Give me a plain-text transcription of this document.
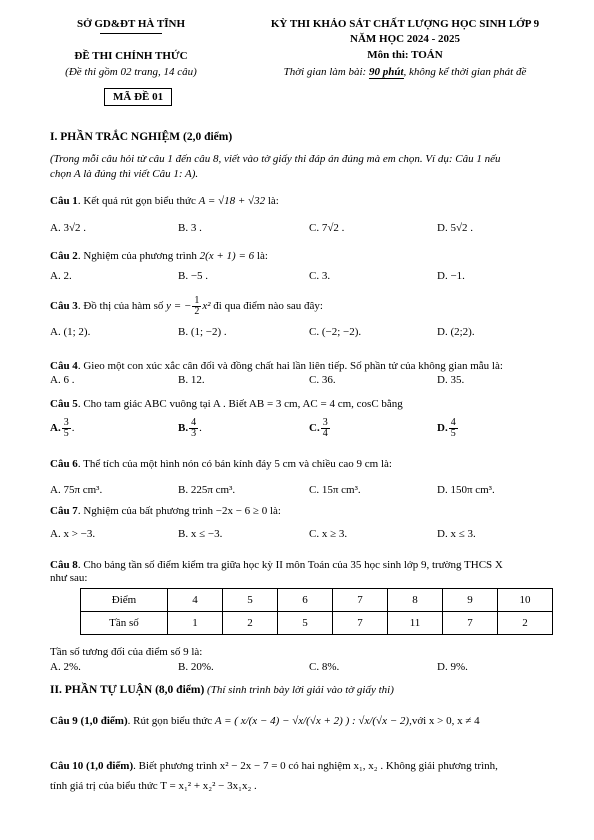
SỞ GD&ĐT HÀ TĨNH
ĐỀ THI CHÍNH THỨC
(Đề thi gồm 02 trang, 14 câu)
MÃ ĐỀ 01
KỲ THI KHẢO SÁT CHẤT LƯỢNG HỌC SINH LỚP 9
NĂM HỌC 2024 - 2025
Môn thi: TOÁN
Thời gian làm bài: 90 phút, không kể thời gian phát đề
I. PHẦN TRẮC NGHIỆM (2,0 điểm)
(Trong mỗi câu hỏi từ câu 1 đến câu 8, viết vào tờ giấy thi đáp án đúng mà em chọn. Ví dụ: Câu 1 nếu
chọn A là đúng thì viết Câu 1: A).
Câu 1. Kết quả rút gọn biểu thức A = √18 + √32 là:
A. 3√2 .	B. 3 .	C. 7√2 .	D. 5√2 .
Câu 2. Nghiệm của phương trình 2(x + 1) = 6 là:
A. 2.	B. −5 .	C. 3.	D. −1.
Câu 3. Đồ thị của hàm số y = − $\frac{1}{2} x^2$ đi qua điểm nào sau đây:
A. (1; 2).	B. (1; −2) .	C. (−2; −2).	D. (2;2).
Câu 4. Gieo một con xúc xắc cân đối và đồng chất hai lần liên tiếp. Số phần tử của không gian mẫu là:
A. 6 .	B. 12.	C. 36.	D. 35.
Câu 5. Cho tam giác ABC vuông tại A . Biết AB = 3 cm, AC = 4 cm, cosC bằng
A. $\frac{3}{5}$ .	B. $\frac{4}{3}$ .	C. $\frac{3}{4}$	D. $\frac{4}{5}$
Câu 6. Thể tích của một hình nón có bán kính đáy 5 cm và chiều cao 9 cm là:
A. 75π cm³.	B. 225π cm³.	C. 15π cm³.	D. 150π cm³.
Câu 7. Nghiệm của bất phương trình −2x − 6 ≥ 0 là:
A. x > −3.	B. x ≤ −3.	C. x ≥ 3.	D. x ≤ 3.
Câu 8. Cho bảng tần số điểm kiểm tra giữa học kỳ II môn Toán của 35 học sinh lớp 9, trường THCS X
như sau:
Điểm	4	5	6	7	8	9	10
Tần số	1	2	5	7	11	7	2
Tần số tương đối của điểm số 9 là:
A. 2%.	B. 20%.	C. 8%.	D. 9%.
II. PHẦN TỰ LUẬN (8,0 điểm) (Thí sinh trình bày lời giải vào tờ giấy thi)
Câu 9 (1,0 điểm). Rút gọn biểu thức A = ( x/(x − 4) − √x/(√x + 2) ) : √x/(√x − 2),với x > 0, x ≠ 4
Câu 10 (1,0 điểm). Biết phương trình x² − 2x − 7 = 0 có hai nghiệm x₁, x₂ . Không giải phương trình,
tính giá trị của biểu thức T = x₁² + x₂² − 3x₁x₂ .
